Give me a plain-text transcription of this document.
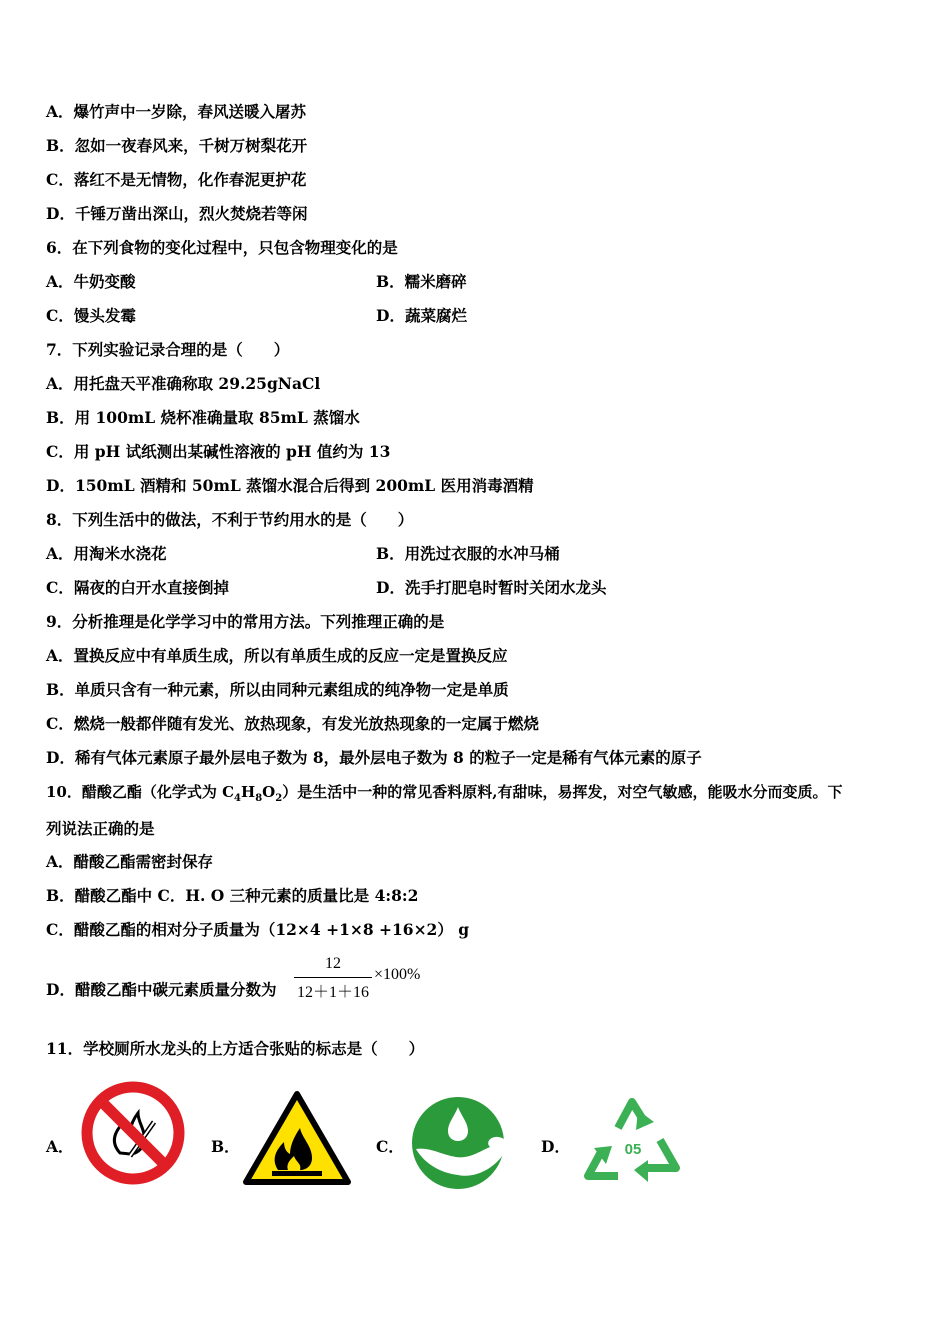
A．爆竹声中一岁除，春风送暖入屠苏
B．忽如一夜春风来，千树万树梨花开
C．落红不是无情物，化作春泥更护花
D．千锤万凿出深山，烈火焚烧若等闲
6．在下列食物的变化过程中，只包含物理变化的是
A．牛奶变酸	B．糯米磨碎
C．馒头发霉	D．蔬菜腐烂
7．下列实验记录合理的是（　　）
A．用托盘天平准确称取 29.25gNaCl
B．用 100mL 烧杯准确量取 85mL 蒸馏水
C．用 pH 试纸测出某碱性溶液的 pH 值约为 13
D．150mL 酒精和 50mL 蒸馏水混合后得到 200mL 医用消毒酒精
8．下列生活中的做法，不利于节约用水的是（　　）
A．用淘米水浇花	B．用洗过衣服的水冲马桶
C．隔夜的白开水直接倒掉	D．洗手打肥皂时暂时关闭水龙头
9．分析推理是化学学习中的常用方法。下列推理正确的是
A．置换反应中有单质生成，所以有单质生成的反应一定是置换反应
B．单质只含有一种元素，所以由同种元素组成的纯净物一定是单质
C．燃烧一般都伴随有发光、放热现象，有发光放热现象的一定属于燃烧
D．稀有气体元素原子最外层电子数为 8，最外层电子数为 8 的粒子一定是稀有气体元素的原子
10．醋酸乙酯（化学式为 $C_4H_8O_2$）是生活中一种的常见香料原料,有甜味，易挥发，对空气敏感，能吸水分而变质。下
列说法正确的是
A．醋酸乙酯需密封保存
B．醋酸乙酯中 C．H. O 三种元素的质量比是 4:8:2
C．醋酸乙酯的相对分子质量为（12×4 +1×8 +16×2） g
D．醋酸乙酯中碳元素质量分数为
12
12＋1＋16
×100%
11．学校厕所水龙头的上方适合张贴的标志是（　　）
A．	B．	C．	D．	05
